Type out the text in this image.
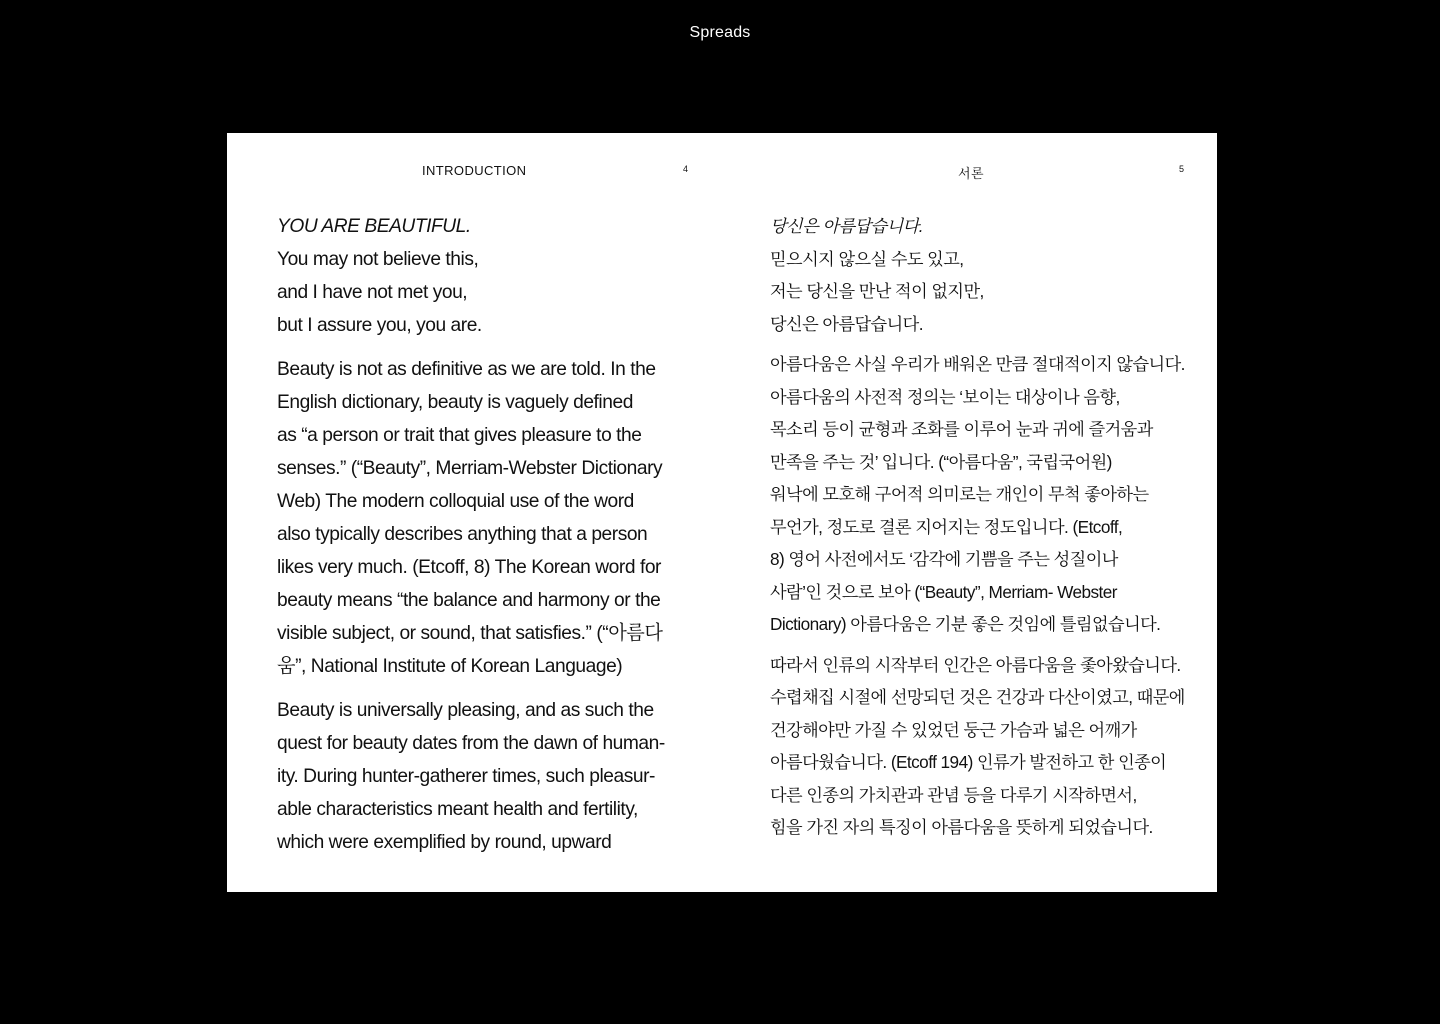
Spreads
INTRODUCTION	4

YOU ARE BEAUTIFUL.
You may not believe this,
and I have not met you,
but I assure you, you are.

Beauty is not as definitive as we are told. In the
English dictionary, beauty is vaguely defined
as “a person or trait that gives pleasure to the
senses.” (“Beauty”, Merriam-Webster Dictionary
Web) The modern colloquial use of the word
also typically describes anything that a person
likes very much. (Etcoff, 8) The Korean word for
beauty means “the balance and harmony or the
visible subject, or sound, that satisfies.” (“아름다
움”, National Institute of Korean Language)

Beauty is universally pleasing, and as such the
quest for beauty dates from the dawn of human-
ity. During hunter-gatherer times, such pleasur-
able characteristics meant health and fertility,
which were exemplified by round, upward

서론	5

당신은 아름답습니다.
믿으시지 않으실 수도 있고,
저는 당신을 만난 적이 없지만,
당신은 아름답습니다.

아름다움은 사실 우리가 배워온 만큼 절대적이지 않습니다.
아름다움의 사전적 정의는 ‘보이는 대상이나 음향,
목소리 등이 균형과 조화를 이루어 눈과 귀에 즐거움과
만족을 주는 것’ 입니다. (“아름다움”, 국립국어원)
워낙에 모호해 구어적 의미로는 개인이 무척 좋아하는
무언가, 정도로 결론 지어지는 정도입니다. (Etcoff,
8) 영어 사전에서도 ‘감각에 기쁨을 주는 성질이나
사람’인 것으로 보아 (“Beauty”, Merriam- Webster
Dictionary) 아름다움은 기분 좋은 것임에 틀림없습니다.

따라서 인류의 시작부터 인간은 아름다움을 좇아왔습니다.
수렵채집 시절에 선망되던 것은 건강과 다산이였고, 때문에
건강해야만 가질 수 있었던 둥근 가슴과 넓은 어깨가
아름다웠습니다. (Etcoff 194) 인류가 발전하고 한 인종이
다른 인종의 가치관과 관념 등을 다루기 시작하면서,
힘을 가진 자의 특징이 아름다움을 뜻하게 되었습니다.
